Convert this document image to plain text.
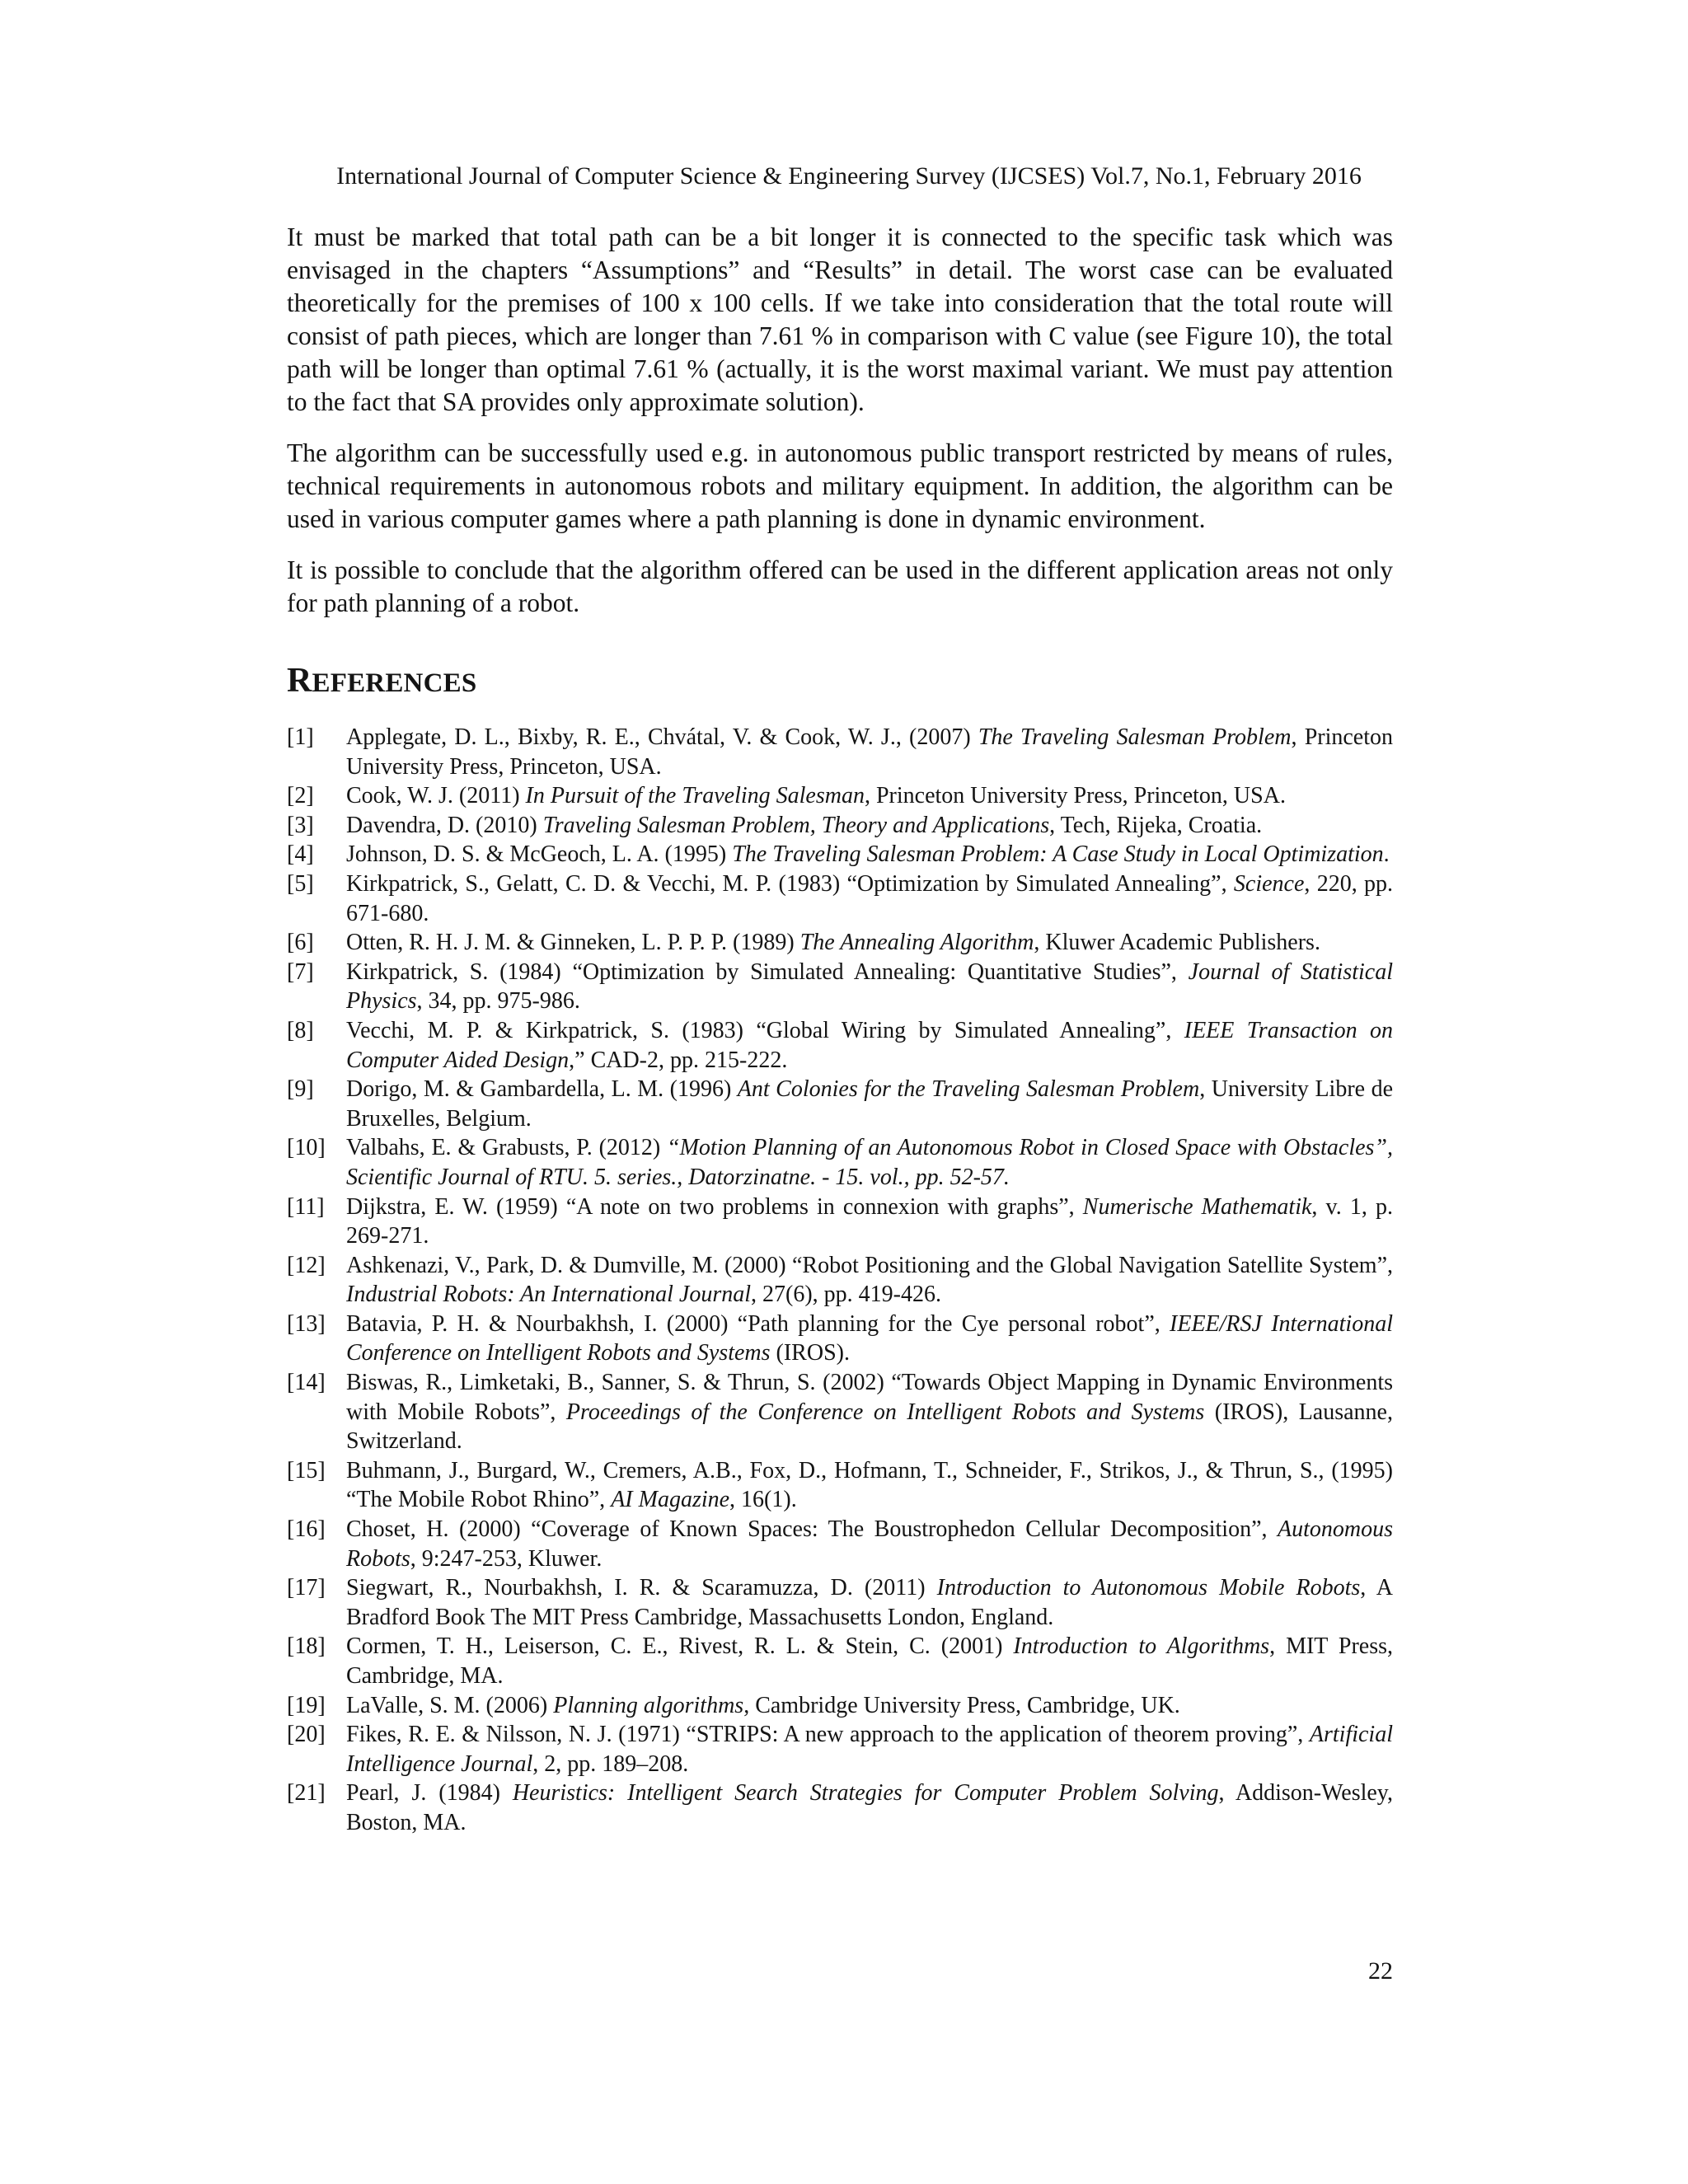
International Journal of Computer Science & Engineering Survey (IJCSES) Vol.7, No.1, February 2016

It must be marked that total path can be a bit longer it is connected to the specific task which was envisaged in the chapters “Assumptions” and “Results” in detail. The worst case can be evaluated theoretically for the premises of 100 x 100 cells. If we take into consideration that the total route will consist of path pieces, which are longer than 7.61 % in comparison with C value (see Figure 10), the total path will be longer than optimal 7.61 % (actually, it is the worst maximal variant. We must pay attention to the fact that SA provides only approximate solution).

The algorithm can be successfully used e.g. in autonomous public transport restricted by means of rules, technical requirements in autonomous robots and military equipment. In addition, the algorithm can be used in various computer games where a path planning is done in dynamic environment.

It is possible to conclude that the algorithm offered can be used in the different application areas not only for path planning of a robot.

REFERENCES
[1] Applegate, D. L., Bixby, R. E., Chvátal, V. & Cook, W. J., (2007) The Traveling Salesman Problem, Princeton University Press, Princeton, USA.
[2] Cook, W. J. (2011) In Pursuit of the Traveling Salesman, Princeton University Press, Princeton, USA.
[3] Davendra, D. (2010) Traveling Salesman Problem, Theory and Applications, Tech, Rijeka, Croatia.
[4] Johnson, D. S. & McGeoch, L. A. (1995) The Traveling Salesman Problem: A Case Study in Local Optimization.
[5] Kirkpatrick, S., Gelatt, C. D. & Vecchi, M. P. (1983) “Optimization by Simulated Annealing”, Science, 220, pp. 671-680.
[6] Otten, R. H. J. M. & Ginneken, L. P. P. P. (1989) The Annealing Algorithm, Kluwer Academic Publishers.
[7] Kirkpatrick, S. (1984) “Optimization by Simulated Annealing: Quantitative Studies”, Journal of Statistical Physics, 34, pp. 975-986.
[8] Vecchi, M. P. & Kirkpatrick, S. (1983) “Global Wiring by Simulated Annealing”, IEEE Transaction on Computer Aided Design,” CAD-2, pp. 215-222.
[9] Dorigo, M. & Gambardella, L. M. (1996) Ant Colonies for the Traveling Salesman Problem, University Libre de Bruxelles, Belgium.
[10] Valbahs, E. & Grabusts, P. (2012) “Motion Planning of an Autonomous Robot in Closed Space with Obstacles”, Scientific Journal of RTU. 5. series., Datorzinatne. - 15. vol., pp. 52-57.
[11] Dijkstra, E. W. (1959) “A note on two problems in connexion with graphs”, Numerische Mathematik, v. 1, p. 269-271.
[12] Ashkenazi, V., Park, D. & Dumville, M. (2000) “Robot Positioning and the Global Navigation Satellite System”, Industrial Robots: An International Journal, 27(6), pp. 419-426.
[13] Batavia, P. H. & Nourbakhsh, I. (2000) “Path planning for the Cye personal robot”, IEEE/RSJ International Conference on Intelligent Robots and Systems (IROS).
[14] Biswas, R., Limketaki, B., Sanner, S. & Thrun, S. (2002) “Towards Object Mapping in Dynamic Environments with Mobile Robots”, Proceedings of the Conference on Intelligent Robots and Systems (IROS), Lausanne, Switzerland.
[15] Buhmann, J., Burgard, W., Cremers, A.B., Fox, D., Hofmann, T., Schneider, F., Strikos, J., & Thrun, S., (1995) “The Mobile Robot Rhino”, AI Magazine, 16(1).
[16] Choset, H. (2000) “Coverage of Known Spaces: The Boustrophedon Cellular Decomposition”, Autonomous Robots, 9:247-253, Kluwer.
[17] Siegwart, R., Nourbakhsh, I. R. & Scaramuzza, D. (2011) Introduction to Autonomous Mobile Robots, A Bradford Book The MIT Press Cambridge, Massachusetts London, England.
[18] Cormen, T. H., Leiserson, C. E., Rivest, R. L. & Stein, C. (2001) Introduction to Algorithms, MIT Press, Cambridge, MA.
[19] LaValle, S. M. (2006) Planning algorithms, Cambridge University Press, Cambridge, UK.
[20] Fikes, R. E. & Nilsson, N. J. (1971) “STRIPS: A new approach to the application of theorem proving”, Artificial Intelligence Journal, 2, pp. 189–208.
[21] Pearl, J. (1984) Heuristics: Intelligent Search Strategies for Computer Problem Solving, Addison-Wesley, Boston, MA.
22
